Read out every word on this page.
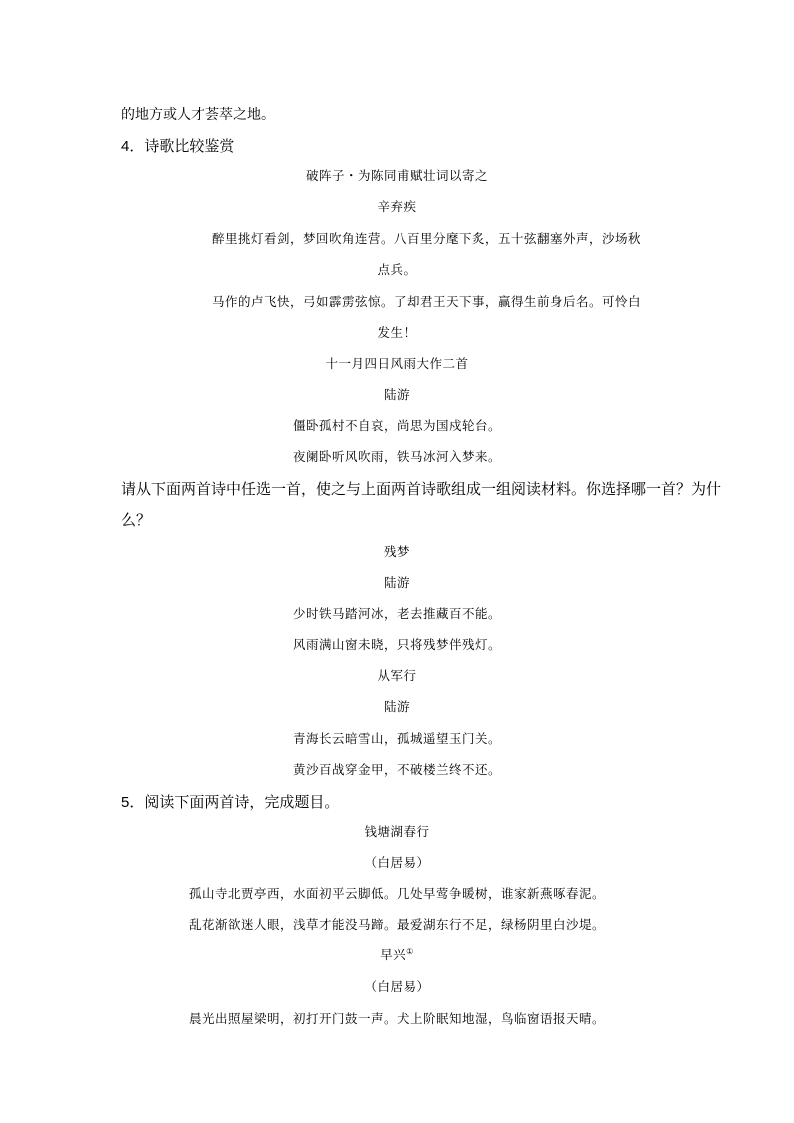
的地方或人才荟萃之地。
4．诗歌比较鉴赏
破阵子・为陈同甫赋壮词以寄之
辛弃疾
醉里挑灯看剑，梦回吹角连营。八百里分麾下炙，五十弦翻塞外声，沙场秋
点兵。
马作的卢飞快，弓如霹雳弦惊。了却君王天下事，赢得生前身后名。可怜白
发生！
十一月四日风雨大作二首
陆游
僵卧孤村不自哀，尚思为国戍轮台。
夜阑卧听风吹雨，铁马冰河入梦来。
请从下面两首诗中任选一首，使之与上面两首诗歌组成一组阅读材料。你选择哪一首？为什
么？
残梦
陆游
少时铁马踏河冰，老去推藏百不能。
风雨满山窗未晓，只将残梦伴残灯。
从军行
陆游
青海长云暗雪山，孤城遥望玉门关。
黄沙百战穿金甲，不破楼兰终不还。
5．阅读下面两首诗，完成题目。
钱塘湖春行
（白居易）
孤山寺北贾亭西，水面初平云脚低。几处早莺争暖树，谁家新燕啄春泥。
乱花渐欲迷人眼，浅草才能没马蹄。最爱湖东行不足，绿杨阴里白沙堤。
早兴①
（白居易）
晨光出照屋梁明，初打开门鼓一声。犬上阶眠知地湿，鸟临窗语报天晴。
